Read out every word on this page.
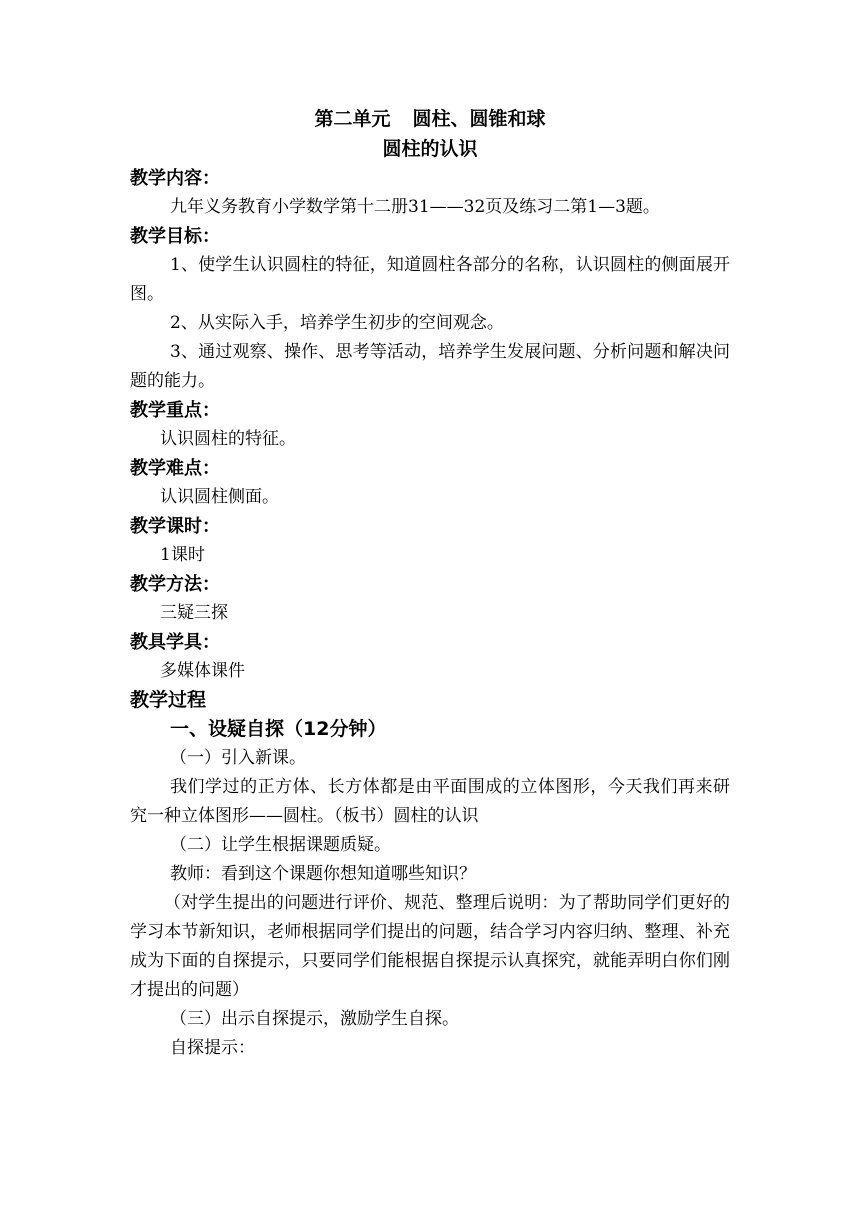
第二单元 圆柱、圆锥和球

圆柱的认识

教学内容：

九年义务教育小学数学第十二册31——32页及练习二第1—3题。

教学目标：

1、使学生认识圆柱的特征，知道圆柱各部分的名称，认识圆柱的侧面展开图。

2、从实际入手，培养学生初步的空间观念。

3、通过观察、操作、思考等活动，培养学生发展问题、分析问题和解决问题的能力。

教学重点：

认识圆柱的特征。

教学难点：

认识圆柱侧面。

教学课时：

1课时

教学方法：

三疑三探

教具学具：

多媒体课件

教学过程

一、设疑自探（12分钟）

（一）引入新课。

我们学过的正方体、长方体都是由平面围成的立体图形，今天我们再来研究一种立体图形——圆柱。（板书）圆柱的认识

（二）让学生根据课题质疑。

教师：看到这个课题你想知道哪些知识？

（对学生提出的问题进行评价、规范、整理后说明：为了帮助同学们更好的学习本节新知识，老师根据同学们提出的问题，结合学习内容归纳、整理、补充成为下面的自探提示，只要同学们能根据自探提示认真探究，就能弄明白你们刚才提出的问题）

（三）出示自探提示，激励学生自探。

自探提示：
